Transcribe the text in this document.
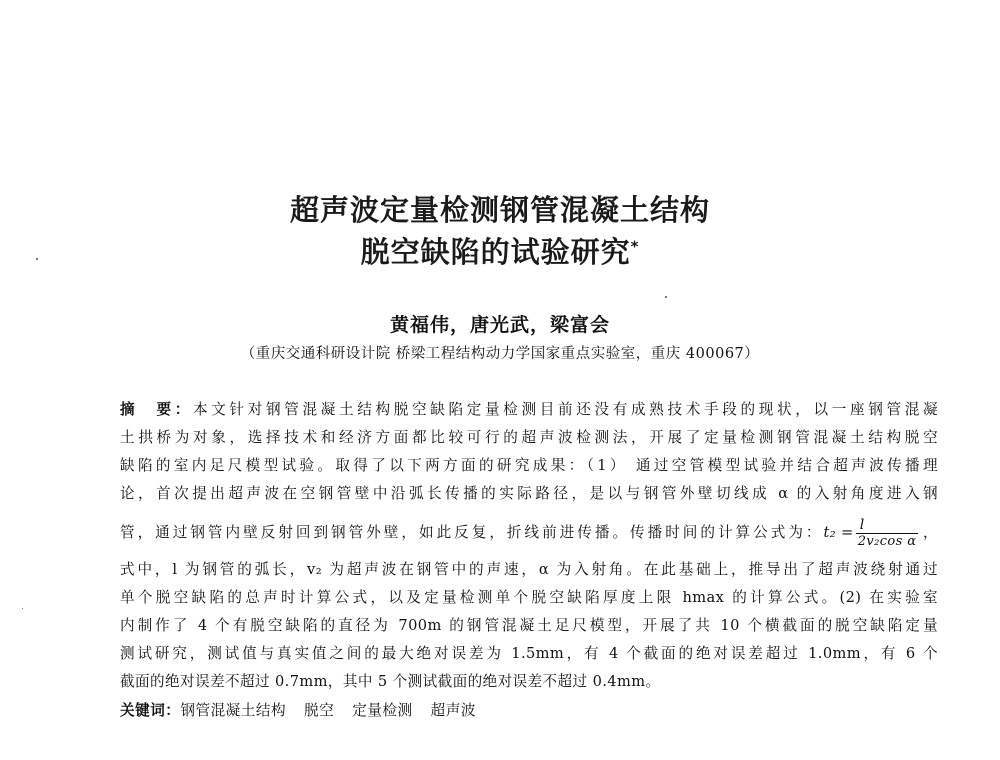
超声波定量检测钢管混凝土结构
脱空缺陷的试验研究*
黄福伟，唐光武，梁富会
（重庆交通科研设计院 桥梁工程结构动力学国家重点实验室，重庆 400067）
摘　要：本文针对钢管混凝土结构脱空缺陷定量检测目前还没有成熟技术手段的现状，以一座钢管混凝
土拱桥为对象，选择技术和经济方面都比较可行的超声波检测法，开展了定量检测钢管混凝土结构脱空
缺陷的室内足尺模型试验。取得了以下两方面的研究成果：（1） 通过空管模型试验并结合超声波传播理
论，首次提出超声波在空钢管壁中沿弧长传播的实际路径，是以与钢管外壁切线成 α 的入射角度进入钢
管，通过钢管内壁反射回到钢管外壁，如此反复，折线前进传播。传播时间的计算公式为：$t_2 = \frac{l}{\text{2v₂cos α}}$ ，
式中，l 为钢管的弧长，v₂ 为超声波在钢管中的声速，α 为入射角。在此基础上，推导出了超声波绕射通过
单个脱空缺陷的总声时计算公式，以及定量检测单个脱空缺陷厚度上限 hmax 的计算公式。(2) 在实验室
内制作了 4 个有脱空缺陷的直径为 700m 的钢管混凝土足尺模型，开展了共 10 个横截面的脱空缺陷定量
测试研究，测试值与真实值之间的最大绝对误差为 1.5mm，有 4 个截面的绝对误差超过 1.0mm，有 6 个
截面的绝对误差不超过 0.7mm，其中 5 个测试截面的绝对误差不超过 0.4mm。
关键词：钢管混凝土结构 脱空 定量检测 超声波
